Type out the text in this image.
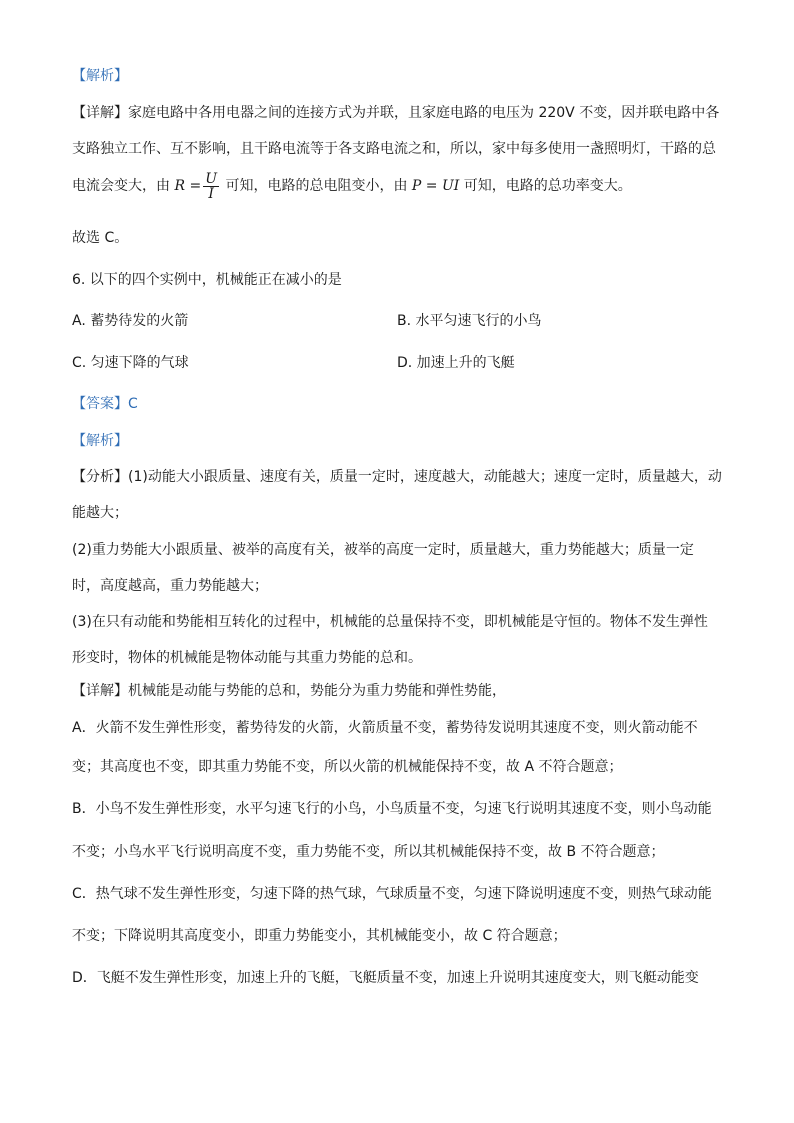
【解析】
【详解】家庭电路中各用电器之间的连接方式为并联，且家庭电路的电压为 220V 不变，因并联电路中各
支路独立工作、互不影响，且干路电流等于各支路电流之和，所以，家中每多使用一盏照明灯，干路的总
电流会变大，由 $R = \frac{U}{I}$ 可知，电路的总电阻变小，由 P = UI 可知，电路的总功率变大。
故选 C。
6. 以下的四个实例中，机械能正在减小的是
A. 蓄势待发的火箭	B. 水平匀速飞行的小鸟
C. 匀速下降的气球	D. 加速上升的飞艇
【答案】C
【解析】
【分析】(1)动能大小跟质量、速度有关，质量一定时，速度越大，动能越大；速度一定时，质量越大，动
能越大；
(2)重力势能大小跟质量、被举的高度有关，被举的高度一定时，质量越大，重力势能越大；质量一定
时，高度越高，重力势能越大；
(3)在只有动能和势能相互转化的过程中，机械能的总量保持不变，即机械能是守恒的。物体不发生弹性
形变时，物体的机械能是物体动能与其重力势能的总和。
【详解】机械能是动能与势能的总和，势能分为重力势能和弹性势能，
A．火箭不发生弹性形变，蓄势待发的火箭，火箭质量不变，蓄势待发说明其速度不变，则火箭动能不
变；其高度也不变，即其重力势能不变，所以火箭的机械能保持不变，故 A 不符合题意；
B．小鸟不发生弹性形变，水平匀速飞行的小鸟，小鸟质量不变，匀速飞行说明其速度不变，则小鸟动能
不变；小鸟水平飞行说明高度不变，重力势能不变，所以其机械能保持不变，故 B 不符合题意；
C．热气球不发生弹性形变，匀速下降的热气球，气球质量不变，匀速下降说明速度不变，则热气球动能
不变；下降说明其高度变小，即重力势能变小，其机械能变小，故 C 符合题意；
D．飞艇不发生弹性形变，加速上升的飞艇，飞艇质量不变，加速上升说明其速度变大，则飞艇动能变
